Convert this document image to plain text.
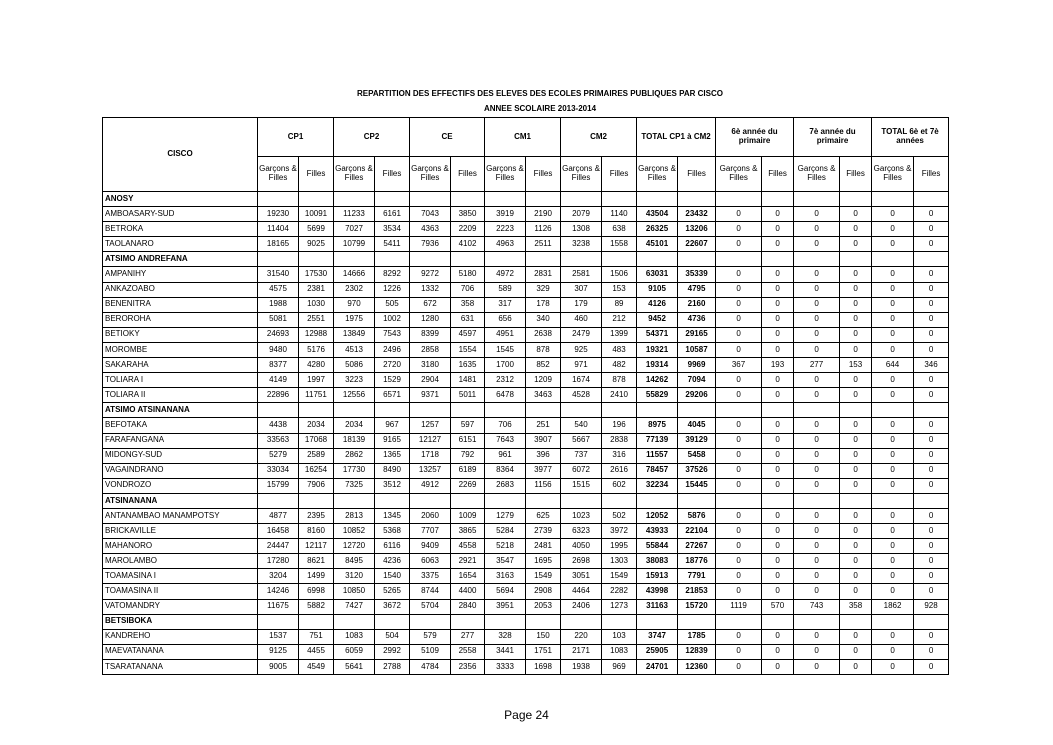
REPARTITION DES EFFECTIFS DES ELEVES DES ECOLES PRIMAIRES PUBLIQUES PAR CISCO
ANNEE SCOLAIRE 2013-2014
CISCO	CP1		CP2		CE		CM1		CM2		TOTAL CP1 à CM2		6è année du primaire		7è année du primaire		TOTAL 6è et 7è années	
	Garçons & Filles	Filles	Garçons & Filles	Filles	Garçons & Filles	Filles	Garçons & Filles	Filles	Garçons & Filles	Filles	Garçons & Filles	Filles	Garçons & Filles	Filles	Garçons & Filles	Filles	Garçons & Filles	Filles
ANOSY																		
AMBOASARY-SUD	19230	10091	11233	6161	7043	3850	3919	2190	2079	1140	43504	23432	0	0	0	0	0	0
BETROKA	11404	5699	7027	3534	4363	2209	2223	1126	1308	638	26325	13206	0	0	0	0	0	0
TAOLANARO	18165	9025	10799	5411	7936	4102	4963	2511	3238	1558	45101	22607	0	0	0	0	0	0
ATSIMO ANDREFANA																		
AMPANIHY	31540	17530	14666	8292	9272	5180	4972	2831	2581	1506	63031	35339	0	0	0	0	0	0
ANKAZOABO	4575	2381	2302	1226	1332	706	589	329	307	153	9105	4795	0	0	0	0	0	0
BENENITRA	1988	1030	970	505	672	358	317	178	179	89	4126	2160	0	0	0	0	0	0
BEROROHA	5081	2551	1975	1002	1280	631	656	340	460	212	9452	4736	0	0	0	0	0	0
BETIOKY	24693	12988	13849	7543	8399	4597	4951	2638	2479	1399	54371	29165	0	0	0	0	0	0
MOROMBE	9480	5176	4513	2496	2858	1554	1545	878	925	483	19321	10587	0	0	0	0	0	0
SAKARAHA	8377	4280	5086	2720	3180	1635	1700	852	971	482	19314	9969	367	193	277	153	644	346
TOLIARA I	4149	1997	3223	1529	2904	1481	2312	1209	1674	878	14262	7094	0	0	0	0	0	0
TOLIARA II	22896	11751	12556	6571	9371	5011	6478	3463	4528	2410	55829	29206	0	0	0	0	0	0
ATSIMO ATSINANANA																		
BEFOTAKA	4438	2034	2034	967	1257	597	706	251	540	196	8975	4045	0	0	0	0	0	0
FARAFANGANA	33563	17068	18139	9165	12127	6151	7643	3907	5667	2838	77139	39129	0	0	0	0	0	0
MIDONGY-SUD	5279	2589	2862	1365	1718	792	961	396	737	316	11557	5458	0	0	0	0	0	0
VAGAINDRANO	33034	16254	17730	8490	13257	6189	8364	3977	6072	2616	78457	37526	0	0	0	0	0	0
VONDROZO	15799	7906	7325	3512	4912	2269	2683	1156	1515	602	32234	15445	0	0	0	0	0	0
ATSINANANA																		
ANTANAMBAO MANAMPOTSY	4877	2395	2813	1345	2060	1009	1279	625	1023	502	12052	5876	0	0	0	0	0	0
BRICKAVILLE	16458	8160	10852	5368	7707	3865	5284	2739	6323	3972	43933	22104	0	0	0	0	0	0
MAHANORO	24447	12117	12720	6116	9409	4558	5218	2481	4050	1995	55844	27267	0	0	0	0	0	0
MAROLAMBO	17280	8621	8495	4236	6063	2921	3547	1695	2698	1303	38083	18776	0	0	0	0	0	0
TOAMASINA I	3204	1499	3120	1540	3375	1654	3163	1549	3051	1549	15913	7791	0	0	0	0	0	0
TOAMASINA II	14246	6998	10850	5265	8744	4400	5694	2908	4464	2282	43998	21853	0	0	0	0	0	0
VATOMANDRY	11675	5882	7427	3672	5704	2840	3951	2053	2406	1273	31163	15720	1119	570	743	358	1862	928
BETSIBOKA																		
KANDREHO	1537	751	1083	504	579	277	328	150	220	103	3747	1785	0	0	0	0	0	0
MAEVATANANA	9125	4455	6059	2992	5109	2558	3441	1751	2171	1083	25905	12839	0	0	0	0	0	0
TSARATANANA	9005	4549	5641	2788	4784	2356	3333	1698	1938	969	24701	12360	0	0	0	0	0	0
Page 24
